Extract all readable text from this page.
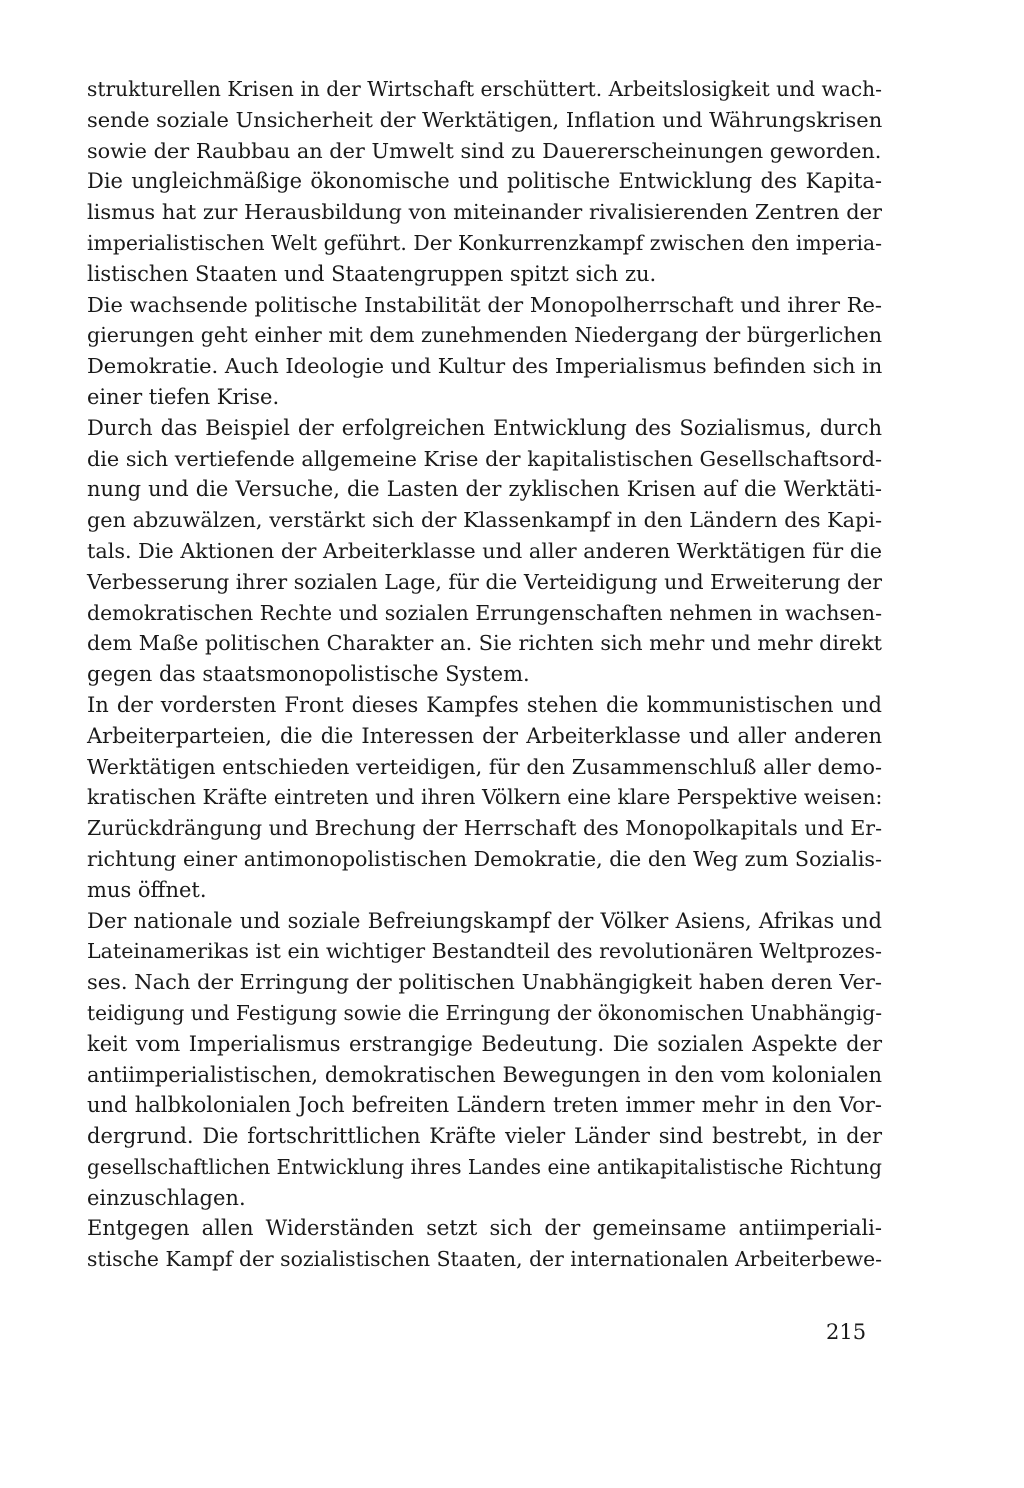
strukturellen Krisen in der Wirtschaft erschüttert. Arbeitslosigkeit und wach-
sende soziale Unsicherheit der Werktätigen, Inflation und Währungskrisen
sowie der Raubbau an der Umwelt sind zu Dauererscheinungen geworden.
Die ungleichmäßige ökonomische und politische Entwicklung des Kapita-
lismus hat zur Herausbildung von miteinander rivalisierenden Zentren der
imperialistischen Welt geführt. Der Konkurrenzkampf zwischen den imperia-
listischen Staaten und Staatengruppen spitzt sich zu.
Die wachsende politische Instabilität der Monopolherrschaft und ihrer Re-
gierungen geht einher mit dem zunehmenden Niedergang der bürgerlichen
Demokratie. Auch Ideologie und Kultur des Imperialismus befinden sich in
einer tiefen Krise.
Durch das Beispiel der erfolgreichen Entwicklung des Sozialismus, durch
die sich vertiefende allgemeine Krise der kapitalistischen Gesellschaftsord-
nung und die Versuche, die Lasten der zyklischen Krisen auf die Werktäti-
gen abzuwälzen, verstärkt sich der Klassenkampf in den Ländern des Kapi-
tals. Die Aktionen der Arbeiterklasse und aller anderen Werktätigen für die
Verbesserung ihrer sozialen Lage, für die Verteidigung und Erweiterung der
demokratischen Rechte und sozialen Errungenschaften nehmen in wachsen-
dem Maße politischen Charakter an. Sie richten sich mehr und mehr direkt
gegen das staatsmonopolistische System.
In der vordersten Front dieses Kampfes stehen die kommunistischen und
Arbeiterparteien, die die Interessen der Arbeiterklasse und aller anderen
Werktätigen entschieden verteidigen, für den Zusammenschluß aller demo-
kratischen Kräfte eintreten und ihren Völkern eine klare Perspektive weisen:
Zurückdrängung und Brechung der Herrschaft des Monopolkapitals und Er-
richtung einer antimonopolistischen Demokratie, die den Weg zum Sozialis-
mus öffnet.
Der nationale und soziale Befreiungskampf der Völker Asiens, Afrikas und
Lateinamerikas ist ein wichtiger Bestandteil des revolutionären Weltprozes-
ses. Nach der Erringung der politischen Unabhängigkeit haben deren Ver-
teidigung und Festigung sowie die Erringung der ökonomischen Unabhängig-
keit vom Imperialismus erstrangige Bedeutung. Die sozialen Aspekte der
antiimperialistischen, demokratischen Bewegungen in den vom kolonialen
und halbkolonialen Joch befreiten Ländern treten immer mehr in den Vor-
dergrund. Die fortschrittlichen Kräfte vieler Länder sind bestrebt, in der
gesellschaftlichen Entwicklung ihres Landes eine antikapitalistische Richtung
einzuschlagen.
Entgegen allen Widerständen setzt sich der gemeinsame antiimperiali-
stische Kampf der sozialistischen Staaten, der internationalen Arbeiterbewe-
215
